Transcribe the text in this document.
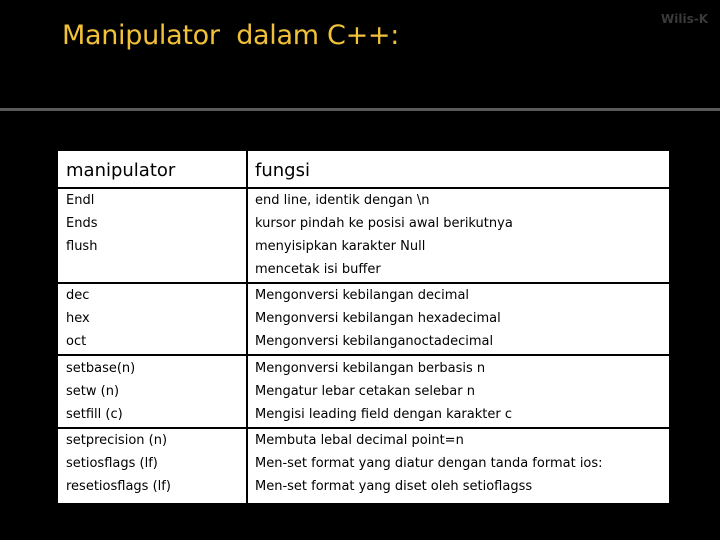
Manipulator  dalam C++:
Wilis-K
manipulator	fungsi
Endl
Ends
flush
end line, identik dengan \n
kursor pindah ke posisi awal berikutnya
menyisipkan karakter Null
mencetak isi buffer
dec
hex
oct
Mengonversi kebilangan decimal
Mengonversi kebilangan hexadecimal
Mengonversi kebilanganoctadecimal
setbase(n)
setw (n)
setfill (c)
Mengonversi kebilangan berbasis n
Mengatur lebar cetakan selebar n
Mengisi leading field dengan karakter c
setprecision (n)
setiosflags (lf)
resetiosflags (lf)
Membuta lebal decimal point=n
Men-set format yang diatur dengan tanda format ios:
Men-set format yang diset oleh setioflagss
